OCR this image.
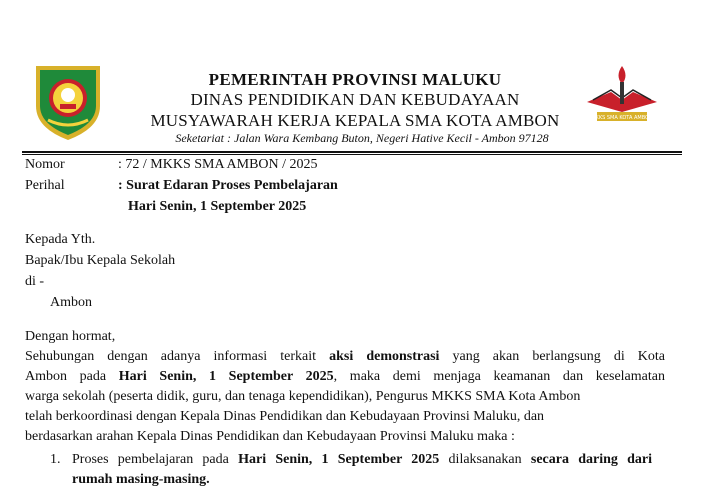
PEMERINTAH PROVINSI MALUKU
DINAS PENDIDIKAN DAN KEBUDAYAAN
MUSYAWARAH KERJA KEPALA SMA KOTA AMBON
Seketariat : Jalan Wara Kembang Buton, Negeri Hative Kecil - Ambon 97128
MKKS SMA KOTA AMBON
Nomor	: 72 / MKKS SMA AMBON / 2025
Perihal	: Surat Edaran Proses Pembelajaran
Hari Senin, 1 September 2025
Kepada Yth.
Bapak/Ibu Kepala Sekolah
di -
Ambon
Dengan hormat,
Sehubungan dengan adanya informasi terkait aksi demonstrasi yang akan berlangsung di Kota
Ambon pada Hari Senin, 1 September 2025, maka demi menjaga keamanan dan keselamatan
warga sekolah (peserta didik, guru, dan tenaga kependidikan), Pengurus MKKS SMA Kota Ambon
telah berkoordinasi dengan Kepala Dinas Pendidikan dan Kebudayaan Provinsi Maluku, dan
berdasarkan arahan Kepala Dinas Pendidikan dan Kebudayaan Provinsi Maluku maka :
1. Proses pembelajaran pada Hari Senin, 1 September 2025 dilaksanakan secara daring dari
rumah masing-masing.
